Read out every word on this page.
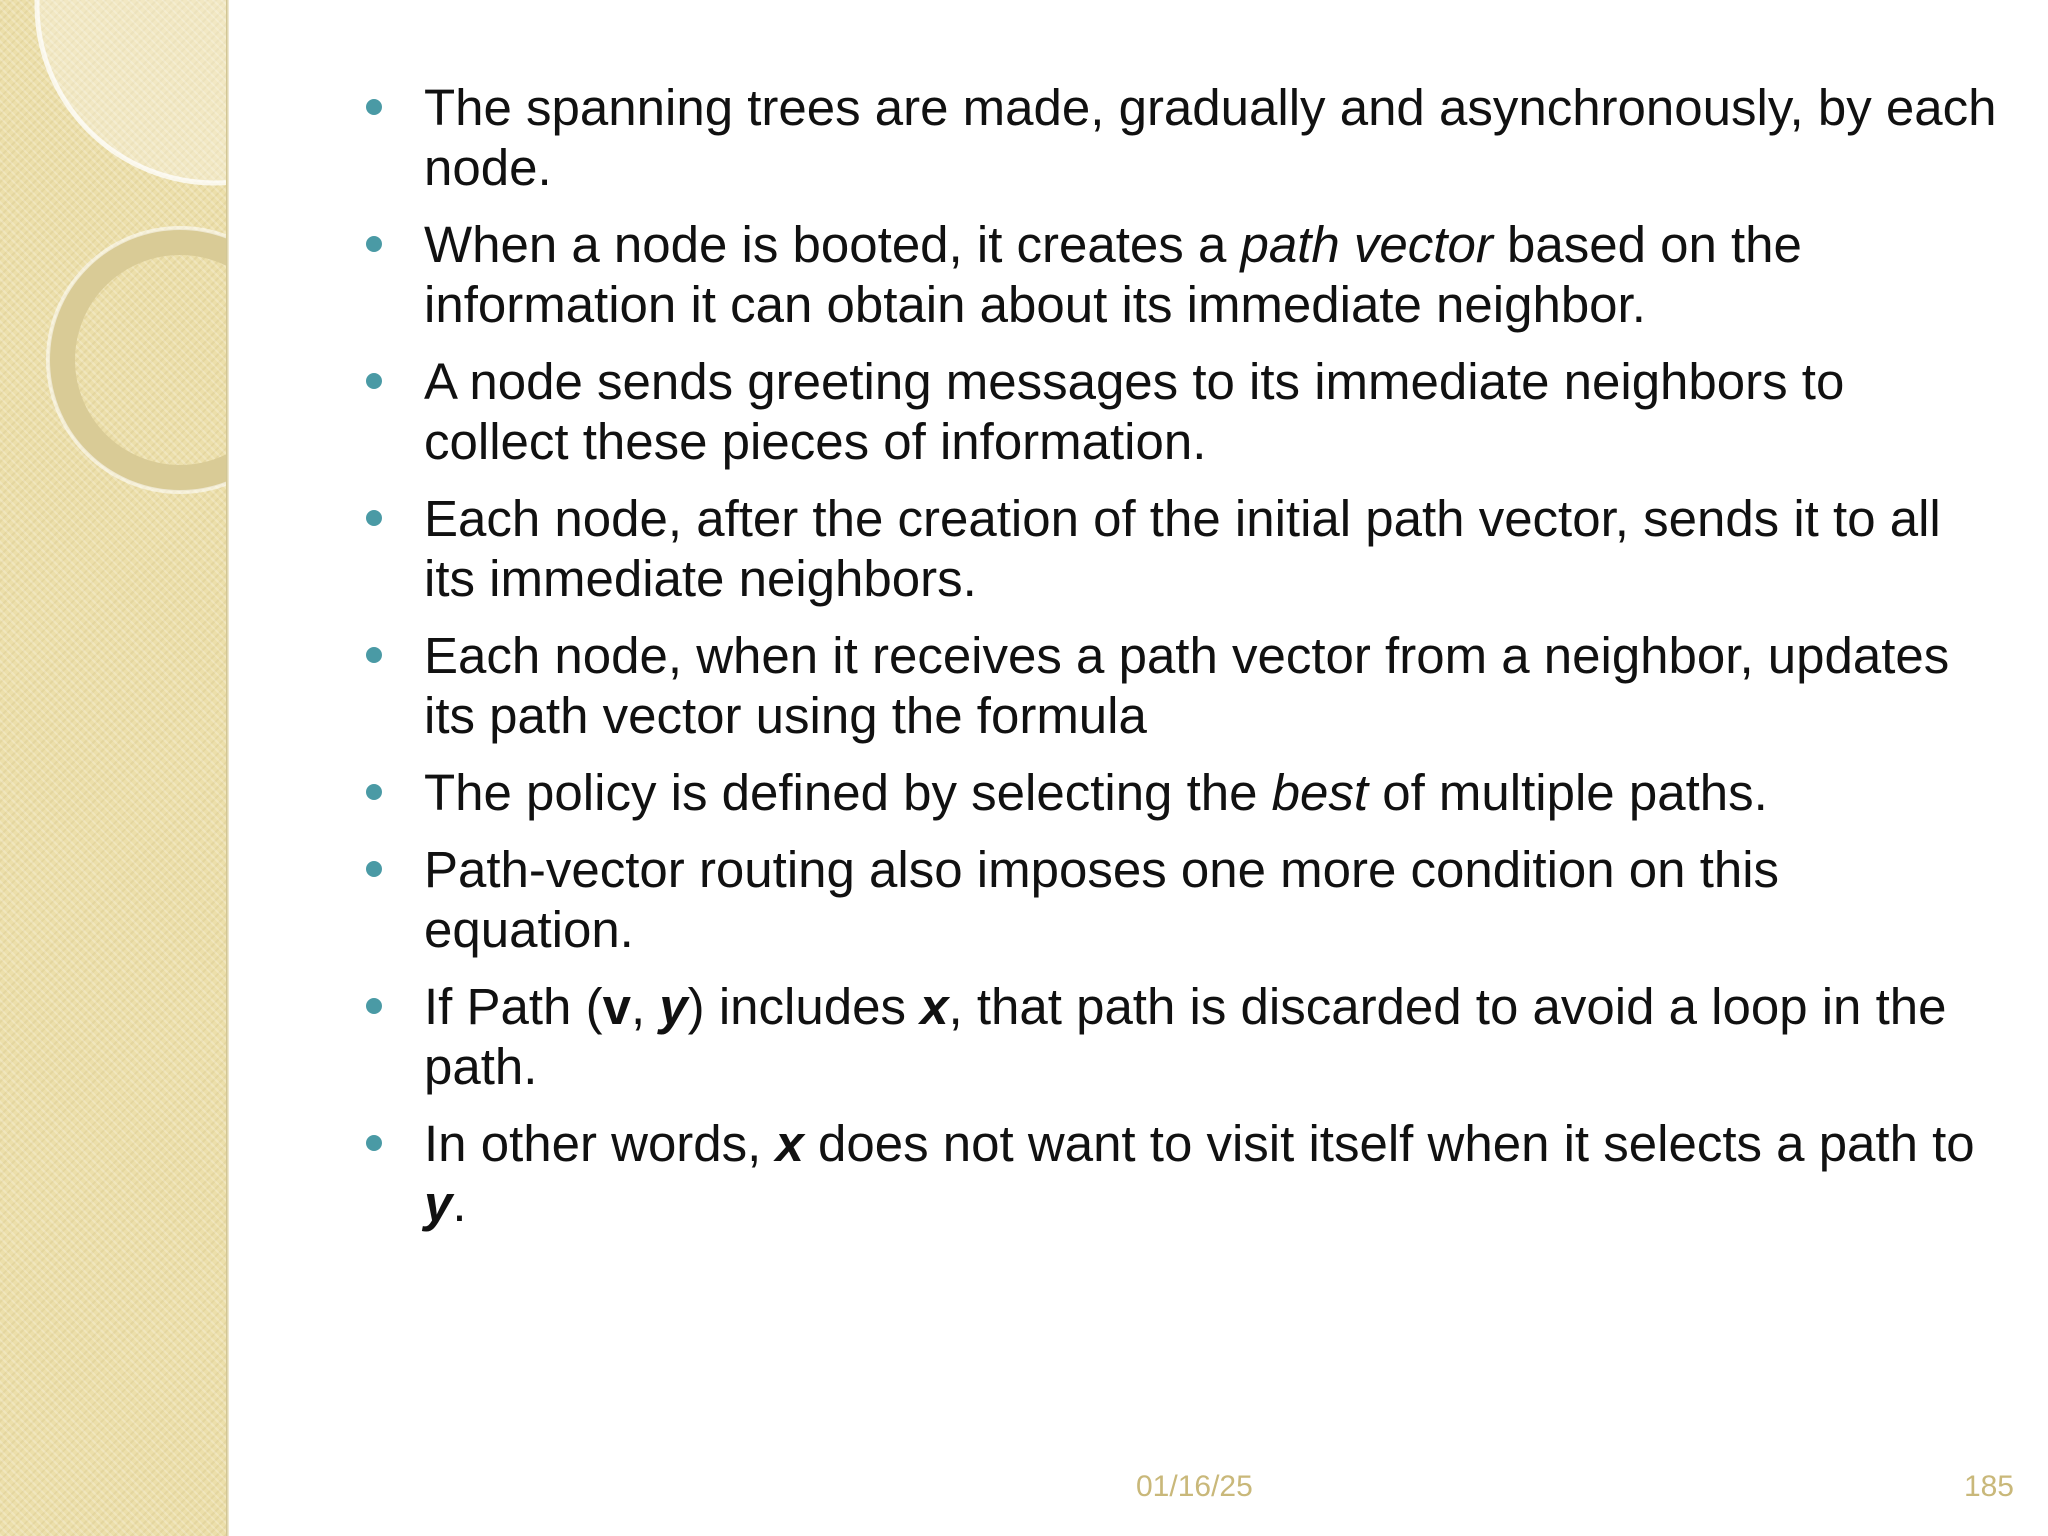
The spanning trees are made, gradually and asynchronously, by each node.
When a node is booted, it creates a path vector based on the information it can obtain about its immediate neighbor.
A node sends greeting messages to its immediate neighbors to collect these pieces of information.
Each node, after the creation of the initial path vector, sends it to all its immediate neighbors.
Each node, when it receives a path vector from a neighbor, updates its path vector using the formula
The policy is defined by selecting the best of multiple paths.
Path-vector routing also imposes one more condition on this equation.
If Path (v, y) includes x, that path is discarded to avoid a loop in the path.
In other words, x does not want to visit itself when it selects a path to y.
01/16/25	185
